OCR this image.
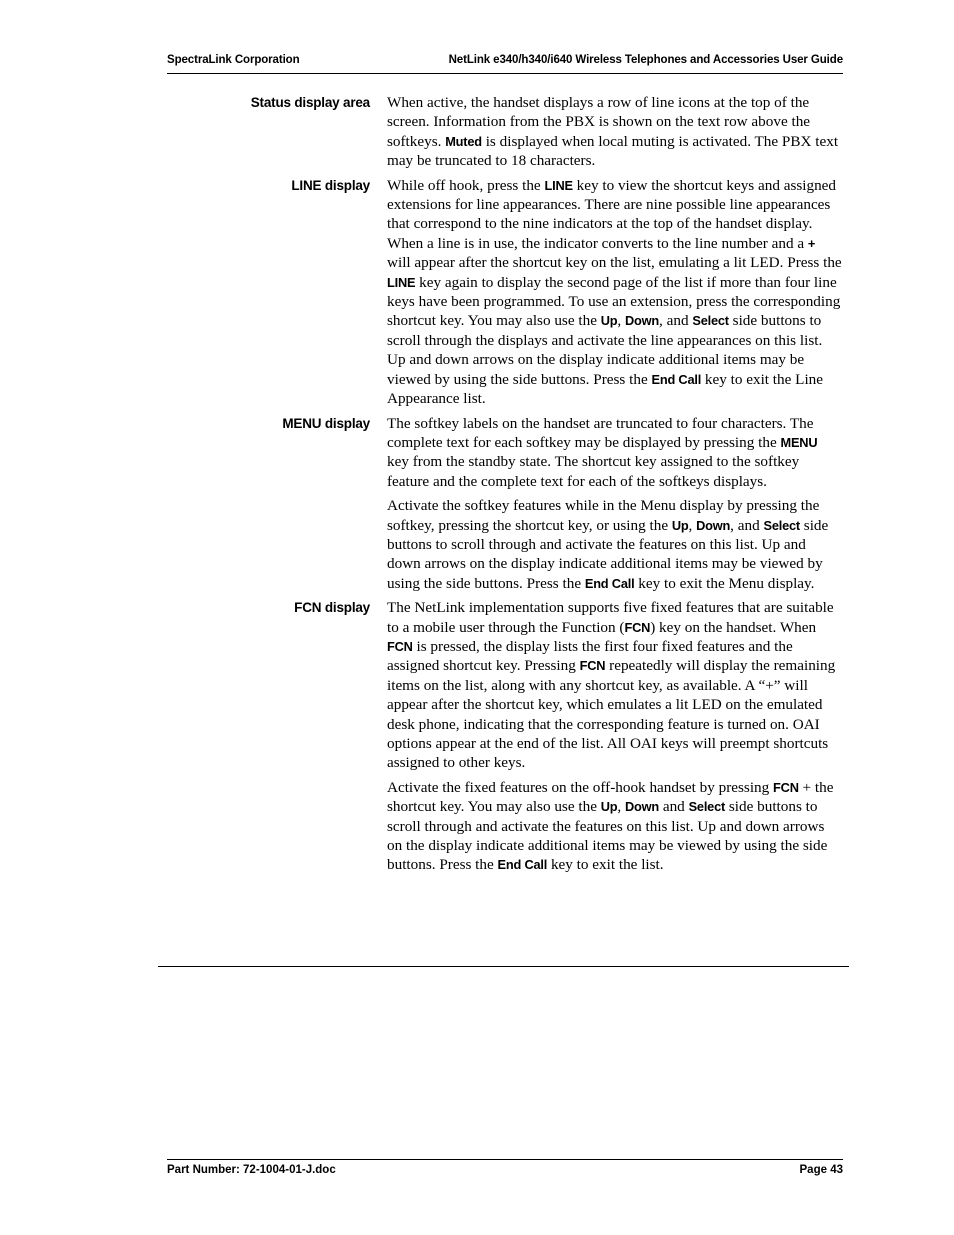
SpectraLink Corporation	NetLink e340/h340/i640 Wireless Telephones and Accessories User Guide
Status display area When active, the handset displays a row of line icons at the top of the screen. Information from the PBX is shown on the text row above the softkeys. Muted is displayed when local muting is activated. The PBX text may be truncated to 18 characters.

LINE display While off hook, press the LINE key to view the shortcut keys and assigned extensions for line appearances. There are nine possible line appearances that correspond to the nine indicators at the top of the handset display. When a line is in use, the indicator converts to the line number and a + will appear after the shortcut key on the list, emulating a lit LED. Press the LINE key again to display the second page of the list if more than four line keys have been programmed. To use an extension, press the corresponding shortcut key. You may also use the Up, Down, and Select side buttons to scroll through the displays and activate the line appearances on this list. Up and down arrows on the display indicate additional items may be viewed by using the side buttons. Press the End Call key to exit the Line Appearance list.

MENU display The softkey labels on the handset are truncated to four characters. The complete text for each softkey may be displayed by pressing the MENU key from the standby state. The shortcut key assigned to the softkey feature and the complete text for each of the softkeys displays.

Activate the softkey features while in the Menu display by pressing the softkey, pressing the shortcut key, or using the Up, Down, and Select side buttons to scroll through and activate the features on this list. Up and down arrows on the display indicate additional items may be viewed by using the side buttons. Press the End Call key to exit the Menu display.

FCN display The NetLink implementation supports five fixed features that are suitable to a mobile user through the Function (FCN) key on the handset. When FCN is pressed, the display lists the first four fixed features and the assigned shortcut key. Pressing FCN repeatedly will display the remaining items on the list, along with any shortcut key, as available. A “+” will appear after the shortcut key, which emulates a lit LED on the emulated desk phone, indicating that the corresponding feature is turned on. OAI options appear at the end of the list. All OAI keys will preempt shortcuts assigned to other keys.

Activate the fixed features on the off-hook handset by pressing FCN + the shortcut key. You may also use the Up, Down and Select side buttons to scroll through and activate the features on this list. Up and down arrows on the display indicate additional items may be viewed by using the side buttons. Press the End Call key to exit the list.

Part Number: 72-1004-01-J.doc	Page 43
